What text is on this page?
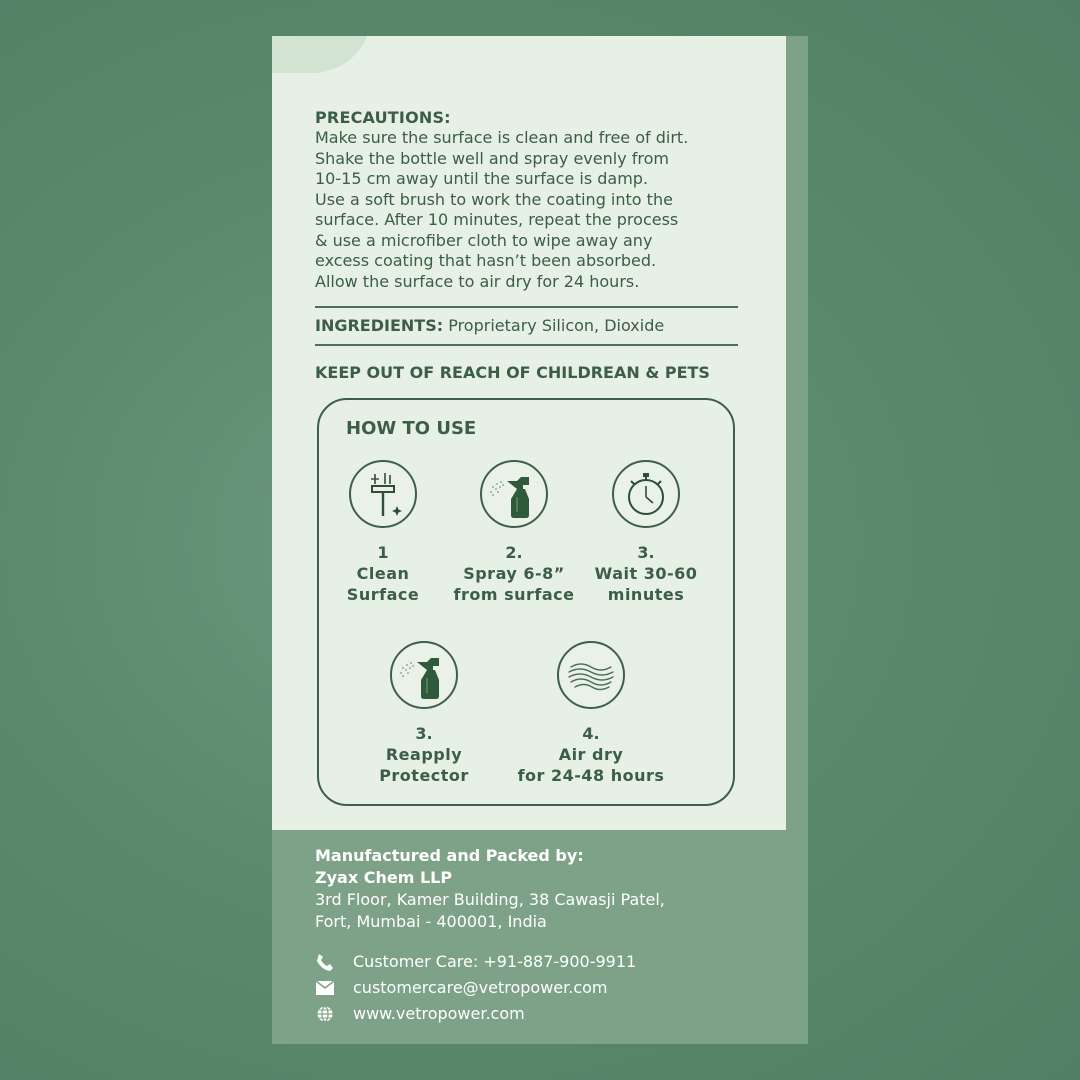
PRECAUTIONS:
Make sure the surface is clean and free of dirt.
Shake the bottle well and spray evenly from
10-15 cm away until the surface is damp.
Use a soft brush to work the coating into the
surface. After 10 minutes, repeat the process
& use a microfiber cloth to wipe away any
excess coating that hasn’t been absorbed.
Allow the surface to air dry for 24 hours.
INGREDIENTS: Proprietary Silicon, Dioxide
KEEP OUT OF REACH OF CHILDREAN & PETS
HOW TO USE
1
Clean
Surface
2.
Spray 6-8”
from surface
3.
Wait 30-60
minutes
3.
Reapply
Protector
4.
Air dry
for 24-48 hours
Manufactured and Packed by:
Zyax Chem LLP
3rd Floor, Kamer Building, 38 Cawasji Patel,
Fort, Mumbai - 400001, India
Customer Care: +91-887-900-9911
customercare@vetropower.com
www.vetropower.com
